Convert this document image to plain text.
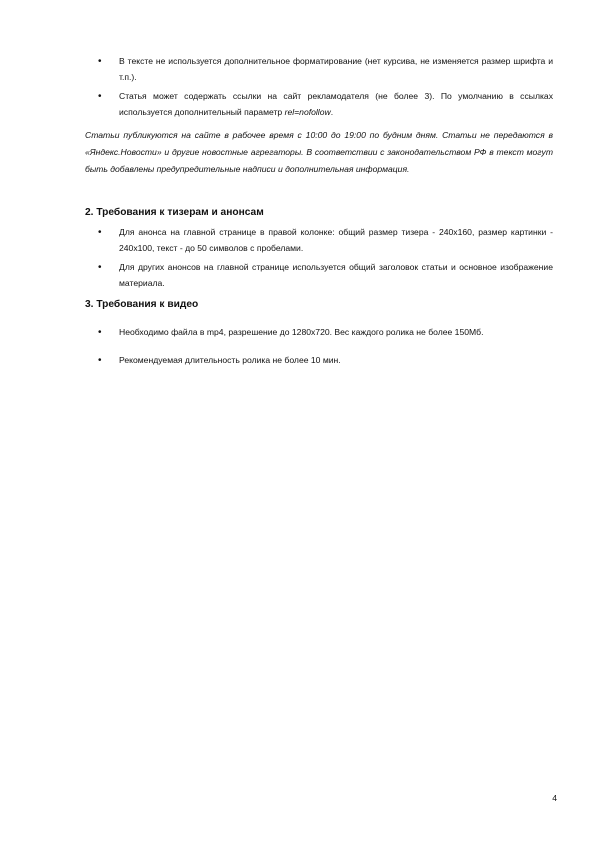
• В тексте не используется дополнительное форматирование (нет курсива, не изменяется размер шрифта и т.п.).
• Статья может содержать ссылки на сайт рекламодателя (не более 3). По умолчанию в ссылках используется дополнительный параметр rel=nofollow.

Статьи публикуются на сайте в рабочее время с 10:00 до 19:00 по будним дням. Статьи не передаются в «Яндекс.Новости» и другие новостные агрегаторы. В соответствии с законодательством РФ в текст могут быть добавлены предупредительные надписи и дополнительная информация.

2. Требования к тизерам и анонсам
• Для анонса на главной странице в правой колонке: общий размер тизера - 240х160, размер картинки - 240х100, текст - до 50 символов с пробелами.
• Для других анонсов на главной странице используется общий заголовок статьи и основное изображение материала.
3. Требования к видео
• Необходимо файла в mp4, разрешение до 1280х720. Вес каждого ролика не более 150Мб.
• Рекомендуемая длительность ролика не более 10 мин.
4
